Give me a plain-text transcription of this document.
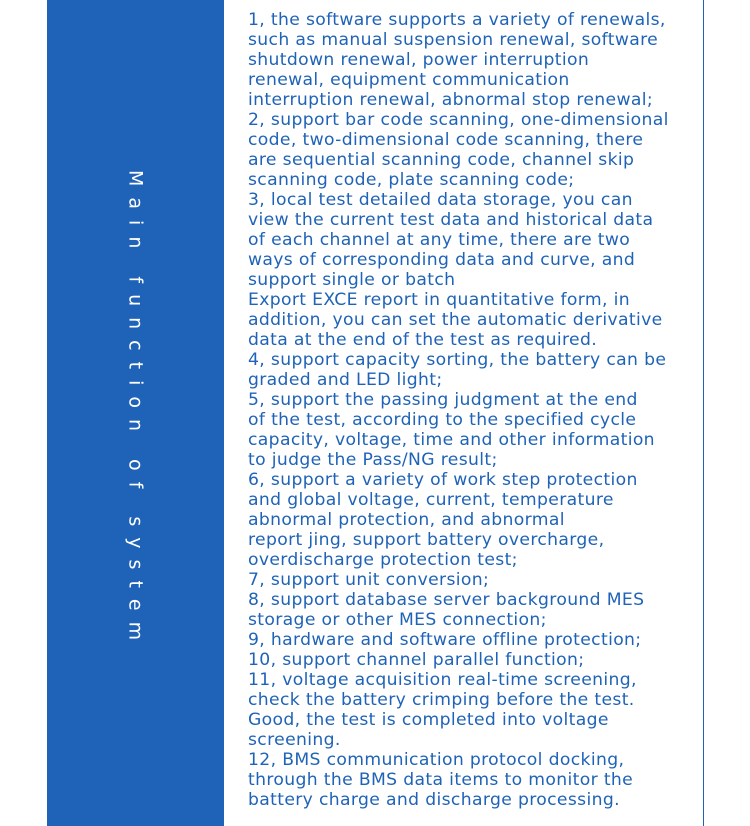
Main function of system
1, the software supports a variety of renewals,
such as manual suspension renewal, software
shutdown renewal, power interruption
renewal, equipment communication
interruption renewal, abnormal stop renewal;
2, support bar code scanning, one-dimensional
code, two-dimensional code scanning, there
are sequential scanning code, channel skip
scanning code, plate scanning code;
3, local test detailed data storage, you can
view the current test data and historical data
of each channel at any time, there are two
ways of corresponding data and curve, and
support single or batch
Export EXCE report in quantitative form, in
addition, you can set the automatic derivative
data at the end of the test as required.
4, support capacity sorting, the battery can be
graded and LED light;
5, support the passing judgment at the end
of the test, according to the specified cycle
capacity, voltage, time and other information
to judge the Pass/NG result;
6, support a variety of work step protection
and global voltage, current, temperature
abnormal protection, and abnormal
report jing, support battery overcharge,
overdischarge protection test;
7, support unit conversion;
8, support database server background MES
storage or other MES connection;
9, hardware and software offline protection;
10, support channel parallel function;
11, voltage acquisition real-time screening,
check the battery crimping before the test.
Good, the test is completed into voltage
screening.
12, BMS communication protocol docking,
through the BMS data items to monitor the
battery charge and discharge processing.
